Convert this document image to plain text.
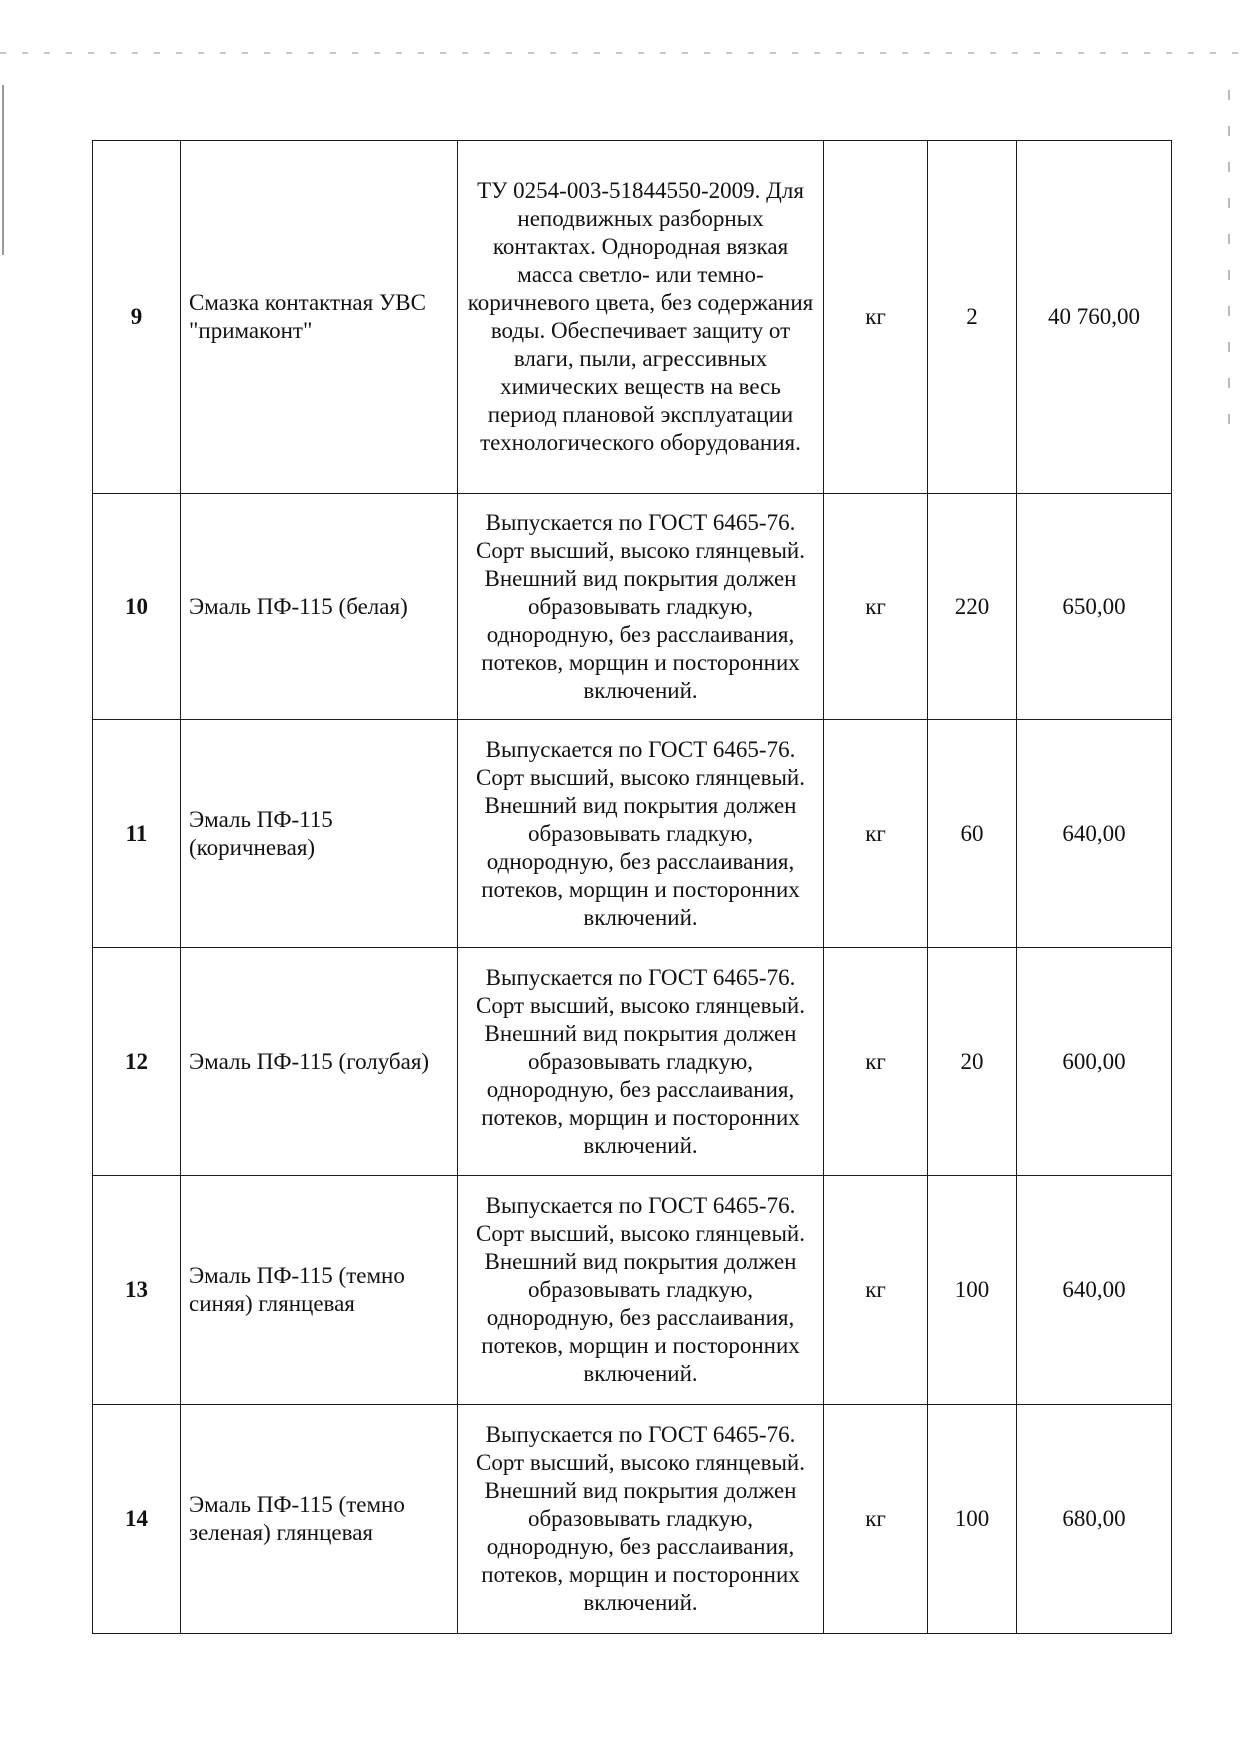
9	Смазка контактная УВС "примаконт"	ТУ 0254-003-51844550-2009. Для неподвижных разборных контактах. Однородная вязкая масса светло- или темно-коричневого цвета, без содержания воды. Обеспечивает защиту от влаги, пыли, агрессивных химических веществ на весь период плановой эксплуатации технологического оборудования.	кг	2	40 760,00
10	Эмаль ПФ-115 (белая)	Выпускается по ГОСТ 6465-76. Сорт высший, высоко глянцевый. Внешний вид покрытия должен образовывать гладкую, однородную, без расслаивания, потеков, морщин и посторонних включений.	кг	220	650,00
11	Эмаль ПФ-115 (коричневая)	Выпускается по ГОСТ 6465-76. Сорт высший, высоко глянцевый. Внешний вид покрытия должен образовывать гладкую, однородную, без расслаивания, потеков, морщин и посторонних включений.	кг	60	640,00
12	Эмаль ПФ-115 (голубая)	Выпускается по ГОСТ 6465-76. Сорт высший, высоко глянцевый. Внешний вид покрытия должен образовывать гладкую, однородную, без расслаивания, потеков, морщин и посторонних включений.	кг	20	600,00
13	Эмаль ПФ-115 (темно синяя) глянцевая	Выпускается по ГОСТ 6465-76. Сорт высший, высоко глянцевый. Внешний вид покрытия должен образовывать гладкую, однородную, без расслаивания, потеков, морщин и посторонних включений.	кг	100	640,00
14	Эмаль ПФ-115 (темно зеленая) глянцевая	Выпускается по ГОСТ 6465-76. Сорт высший, высоко глянцевый. Внешний вид покрытия должен образовывать гладкую, однородную, без расслаивания, потеков, морщин и посторонних включений.	кг	100	680,00
